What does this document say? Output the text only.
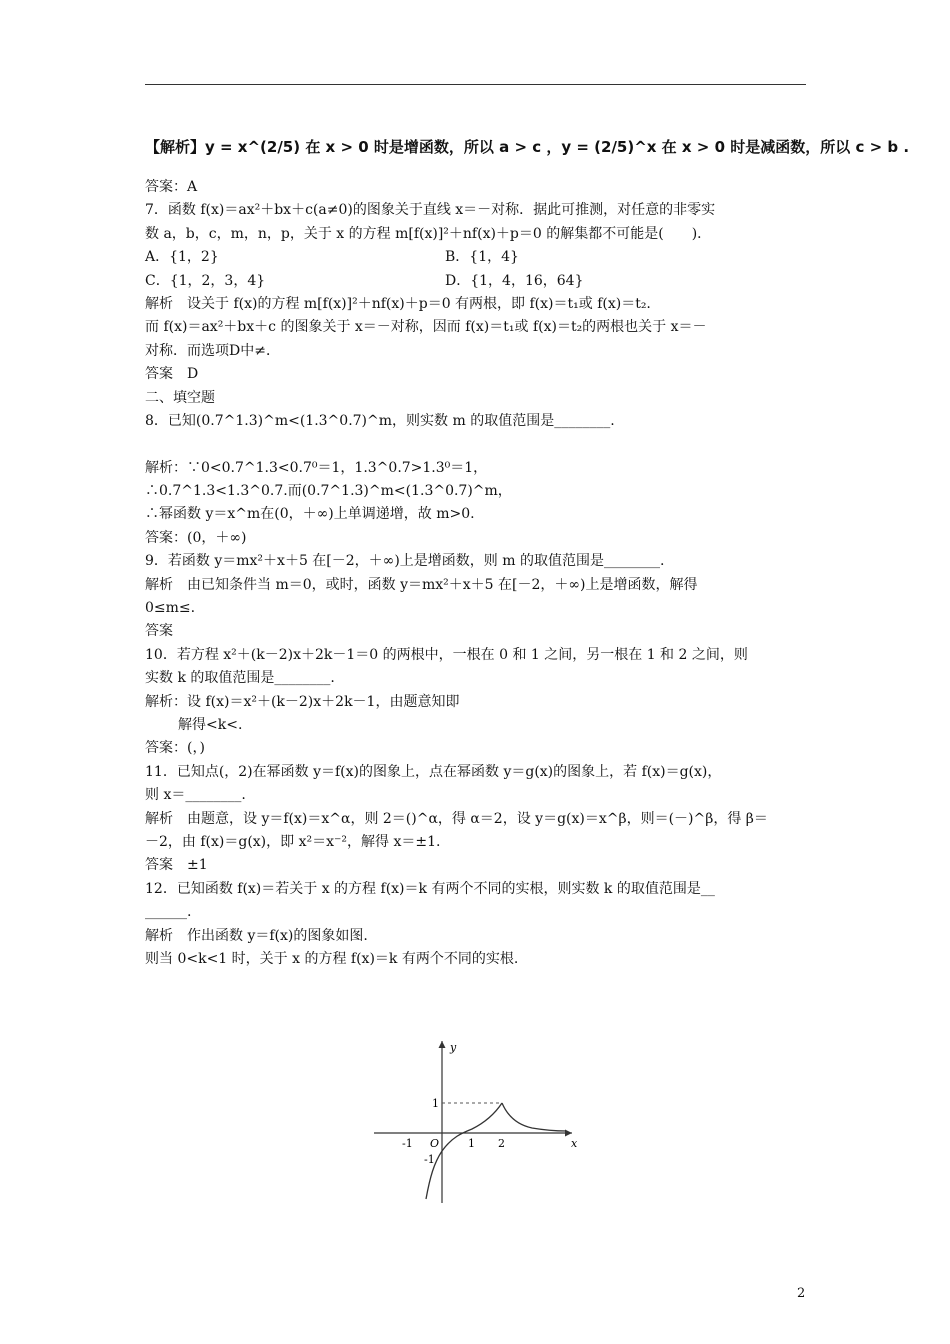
【解析】y = x^(2/5) 在 x > 0 时是增函数，所以 a > c ，y = (2/5)^x 在 x > 0 时是减函数，所以 c > b .
答案：A
7．函数 f(x)＝ax²＋bx＋c(a≠0)的图象关于直线 x＝－对称．据此可推测，对任意的非零实
数 a，b，c，m，n，p，关于 x 的方程 m[f(x)]²＋nf(x)＋p＝0 的解集都不可能是(　　)．
A．{1，2}	B．{1，4}
C．{1，2，3，4}	D．{1，4，16，64}
解析　设关于 f(x)的方程 m[f(x)]²＋nf(x)＋p＝0 有两根，即 f(x)＝t₁或 f(x)＝t₂.
而 f(x)＝ax²＋bx＋c 的图象关于 x＝－对称，因而 f(x)＝t₁或 f(x)＝t₂的两根也关于 x＝－
对称．而选项D中≠．
答案　D
二、填空题
8．已知(0.7^1.3)^m<(1.3^0.7)^m，则实数 m 的取值范围是________.
解析：∵0<0.7^1.3<0.7⁰＝1，1.3^0.7>1.3⁰＝1，
∴0.7^1.3<1.3^0.7.而(0.7^1.3)^m<(1.3^0.7)^m，
∴幂函数 y＝x^m在(0，＋∞)上单调递增，故 m>0.
答案：(0，＋∞)
9．若函数 y＝mx²＋x＋5 在[－2，＋∞)上是增函数，则 m 的取值范围是________.
解析　由已知条件当 m＝0，或时，函数 y＝mx²＋x＋5 在[－2，＋∞)上是增函数，解得
0≤m≤.
答案
10．若方程 x²＋(k－2)x＋2k－1＝0 的两根中，一根在 0 和 1 之间，另一根在 1 和 2 之间，则
实数 k 的取值范围是________.
解析：设 f(x)＝x²＋(k－2)x＋2k－1，由题意知即
解得<k<.
答案：(，)
11．已知点(，2)在幂函数 y＝f(x)的图象上，点在幂函数 y＝g(x)的图象上，若 f(x)＝g(x)，
则 x＝________.
解析　由题意，设 y＝f(x)＝x^α，则 2＝()^α，得 α＝2，设 y＝g(x)＝x^β，则＝(－)^β，得 β＝
－2，由 f(x)＝g(x)，即 x²＝x⁻²，解得 x＝±1.
答案　±1
12．已知函数 f(x)＝若关于 x 的方程 f(x)＝k 有两个不同的实根，则实数 k 的取值范围是__
______.
解析　作出函数 y＝f(x)的图象如图.
则当 0<k<1 时，关于 x 的方程 f(x)＝k 有两个不同的实根.
y
x
-1 O	1 2
1
-1
2
